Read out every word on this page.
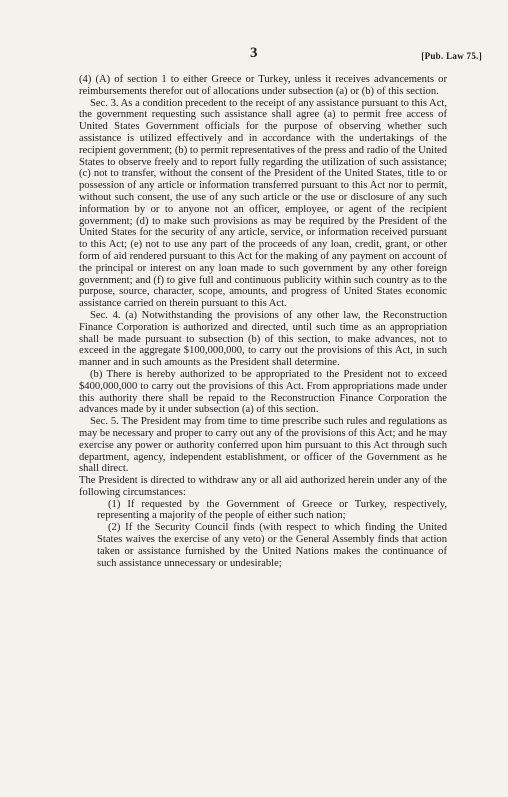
3	[Pub. Law 75.]

(4) (A) of section 1 to either Greece or Turkey, unless it receives advancements or reimbursements therefor out of allocations under subsection (a) or (b) of this section.

Sec. 3. As a condition precedent to the receipt of any assistance pursuant to this Act, the government requesting such assistance shall agree (a) to permit free access of United States Government officials for the purpose of observing whether such assistance is utilized effectively and in accordance with the undertakings of the recipient government; (b) to permit representatives of the press and radio of the United States to observe freely and to report fully regarding the utilization of such assistance; (c) not to transfer, without the consent of the President of the United States, title to or possession of any article or information transferred pursuant to this Act nor to permit, without such consent, the use of any such article or the use or disclosure of any such information by or to anyone not an officer, employee, or agent of the recipient government; (d) to make such provisions as may be required by the President of the United States for the security of any article, service, or information received pursuant to this Act; (e) not to use any part of the proceeds of any loan, credit, grant, or other form of aid rendered pursuant to this Act for the making of any payment on account of the principal or interest on any loan made to such government by any other foreign government; and (f) to give full and continuous publicity within such country as to the purpose, source, character, scope, amounts, and progress of United States economic assistance carried on therein pursuant to this Act.

Sec. 4. (a) Notwithstanding the provisions of any other law, the Reconstruction Finance Corporation is authorized and directed, until such time as an appropriation shall be made pursuant to subsection (b) of this section, to make advances, not to exceed in the aggregate $100,000,000, to carry out the provisions of this Act, in such manner and in such amounts as the President shall determine.

(b) There is hereby authorized to be appropriated to the President not to exceed $400,000,000 to carry out the provisions of this Act. From appropriations made under this authority there shall be repaid to the Reconstruction Finance Corporation the advances made by it under subsection (a) of this section.

Sec. 5. The President may from time to time prescribe such rules and regulations as may be necessary and proper to carry out any of the provisions of this Act; and he may exercise any power or authority conferred upon him pursuant to this Act through such department, agency, independent establishment, or officer of the Government as he shall direct.

The President is directed to withdraw any or all aid authorized herein under any of the following circumstances:

(1) If requested by the Government of Greece or Turkey, respectively, representing a majority of the people of either such nation;

(2) If the Security Council finds (with respect to which finding the United States waives the exercise of any veto) or the General Assembly finds that action taken or assistance furnished by the United Nations makes the continuance of such assistance unnecessary or undesirable;
